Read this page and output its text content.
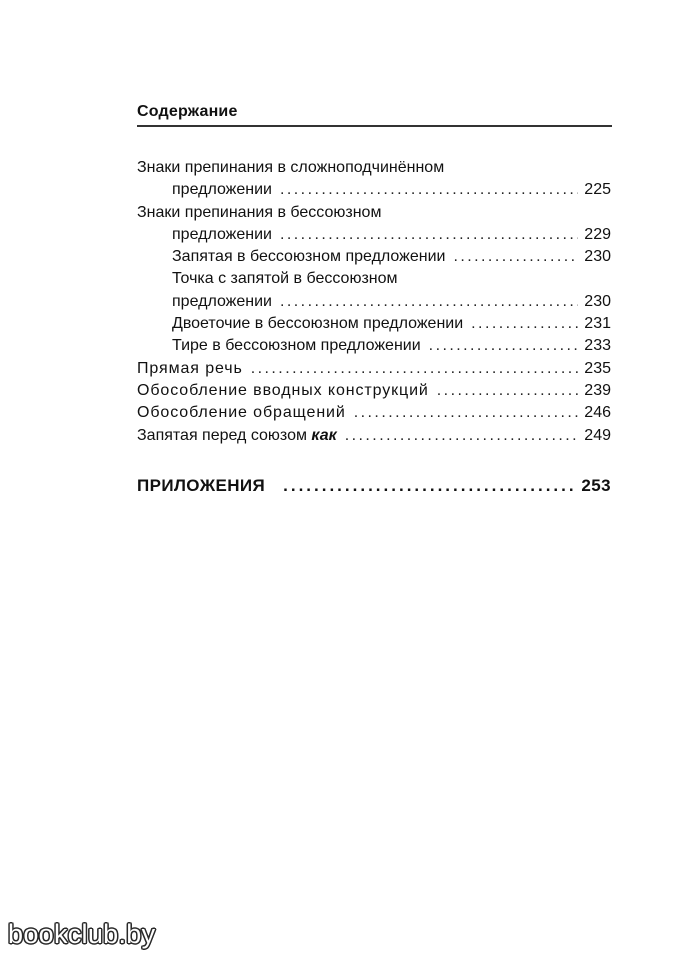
Содержание
Знаки препинания в сложноподчинённом
предложении . . .	225
Знаки препинания в бессоюзном
предложении . . .	229
Запятая в бессоюзном предложении . . .	230
Точка с запятой в бессоюзном
предложении . . .	230
Двоеточие в бессоюзном предложении . . .	231
Тире в бессоюзном предложении . . .	233
Прямая речь . . .	235
Обособление вводных конструкций . . .	239
Обособление обращений . . .	246
Запятая перед союзом как . . .	249
ПРИЛОЖЕНИЯ .....	253
bookclub.by
